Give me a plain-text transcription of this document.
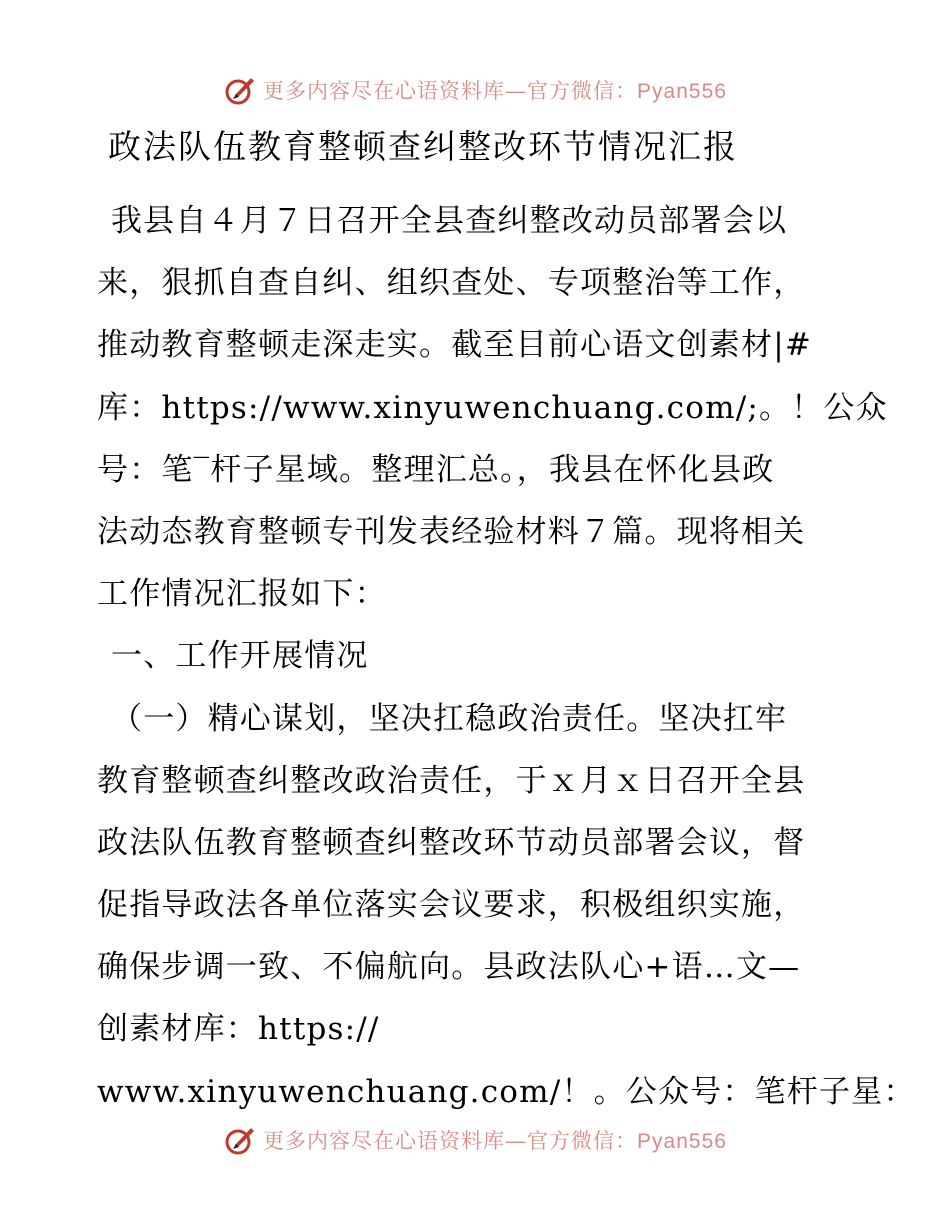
更多内容尽在心语资料库—官方微信：Pyan556
政法队伍教育整顿查纠整改环节情况汇报
我县自４月７日召开全县查纠整改动员部署会以
来，狠抓自查自纠、组织查处、专项整治等工作，
推动教育整顿走深走实。截至目前心语文创素材|#
库：https://www.xinyuwenchuang.com/;。！公众
号：笔‾杆子星域。整理汇总。，我县在怀化县政
法动态教育整顿专刊发表经验材料７篇。现将相关
工作情况汇报如下：
一、工作开展情况
（一）精心谋划，坚决扛稳政治责任。坚决扛牢
教育整顿查纠整改政治责任，于ｘ月ｘ日召开全县
政法队伍教育整顿查纠整改环节动员部署会议，督
促指导政法各单位落实会议要求，积极组织实施，
确保步调一致、不偏航向。县政法队心+语…文—
创素材库：https://
www.xinyuwenchuang.com/！。公众号：笔杆子星：
更多内容尽在心语资料库—官方微信：Pyan556
